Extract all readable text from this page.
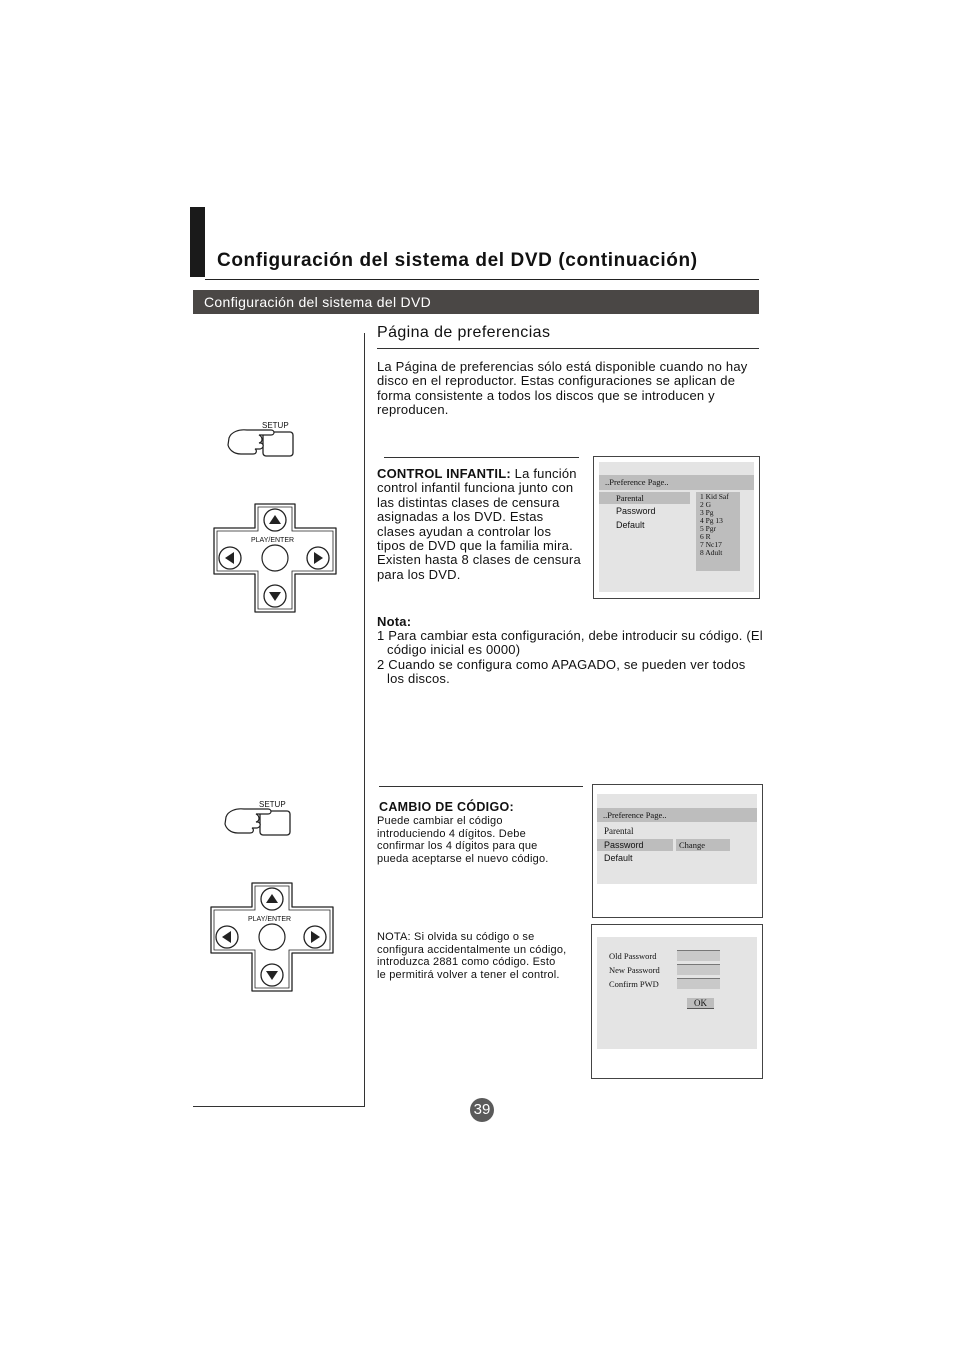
Configuración del sistema del DVD (continuación)
Configuración del sistema del DVD
Página de preferencias
La Página de preferencias sólo está disponible cuando no hay disco en el reproductor. Estas configuraciones se aplican de forma consistente a todos los discos que se introducen y reproducen.
SETUP
PLAY/ENTER
CONTROL INFANTIL: La función control infantil funciona junto con las distintas clases de censura asignadas a los DVD. Estas clases ayudan a controlar los tipos de DVD que la familia mira. Existen hasta 8 clases de censura para los DVD.
..Preference Page..
Parental
Password
Default
1 Kid Saf
2 G
3 Pg
4 Pg 13
5 Pgr
6 R
7 Nc17
8 Adult
Nota:
1 Para cambiar esta configuración, debe introducir su código. (El código inicial es 0000)
2 Cuando se configura como APAGADO, se pueden ver todos los discos.
SETUP
PLAY/ENTER
CAMBIO DE CÓDIGO:
Puede cambiar el código introduciendo 4 dígitos. Debe confirmar los 4 dígitos para que pueda aceptarse el nuevo código.
..Preference Page..
Parental
Password	Change
Default
NOTA: Si olvida su código o se configura accidentalmente un código, introduzca 2881 como código. Esto le permitirá volver a tener el control.
Old Password
New Password
Confirm PWD
OK
39
